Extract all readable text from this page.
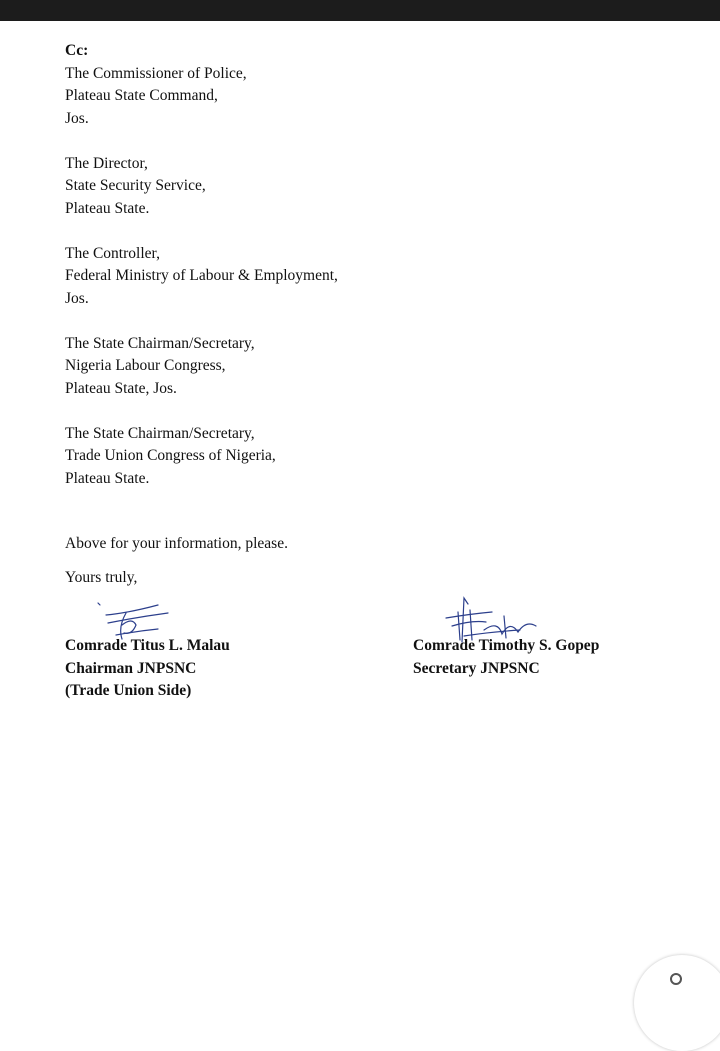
Cc:
The Commissioner of Police,
Plateau State Command,
Jos.
The Director,
State Security Service,
Plateau State.
The Controller,
Federal Ministry of Labour & Employment,
Jos.
The State Chairman/Secretary,
Nigeria Labour Congress,
Plateau State, Jos.
The State Chairman/Secretary,
Trade Union Congress of Nigeria,
Plateau State.
Above for your information, please.
Yours truly,
Comrade Titus L. Malau
Chairman JNPSNC
(Trade Union Side)
Comrade Timothy S. Gopep
Secretary JNPSNC
